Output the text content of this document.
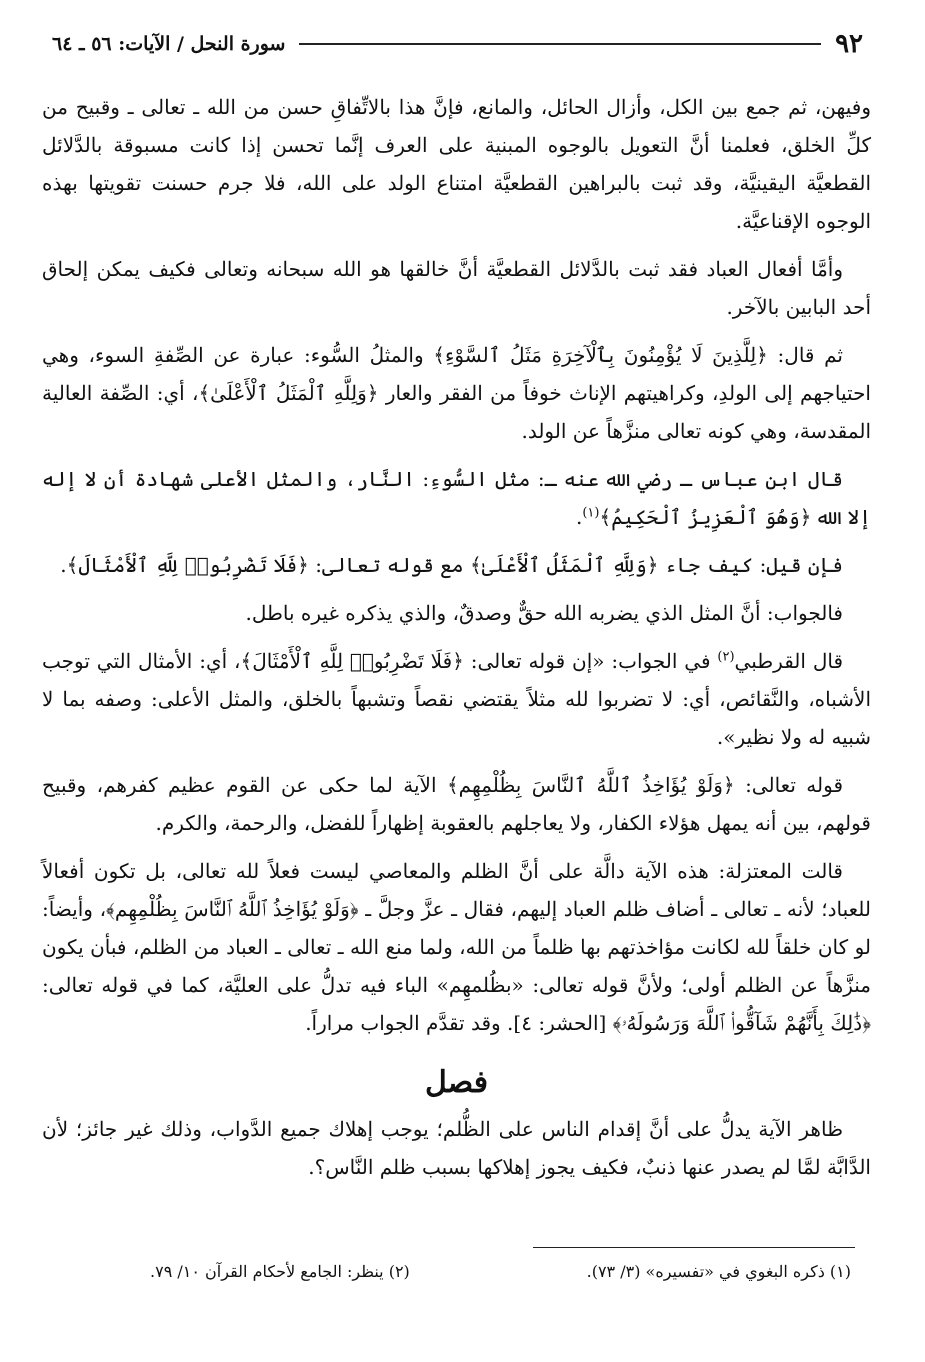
٩٢
سورة النحل / الآيات: ٥٦ ـ ٦٤

وفيهن، ثم جمع بين الكل، وأزال الحائل، والمانع، فإنَّ هذا بالاتِّفاقِ حسن من الله ـ تعالى ـ وقبيح من كلِّ الخلق، فعلمنا أنَّ التعويل بالوجوه المبنية على العرف إنَّما تحسن إذا كانت مسبوقة بالدَّلائل القطعيَّة اليقينيَّة، وقد ثبت بالبراهين القطعيَّة امتناع الولد على الله، فلا جرم حسنت تقويتها بهذه الوجوه الإقناعيَّة.

وأمَّا أفعال العباد فقد ثبت بالدَّلائل القطعيَّة أنَّ خالقها هو الله سبحانه وتعالى فكيف يمكن إلحاق أحد البابين بالآخر.

ثم قال: ﴿لِلَّذِينَ لَا يُؤْمِنُونَ بِٱلْآخِرَةِ مَثَلُ ٱلسَّوْءِ﴾ والمثلُ السُّوء: عبارة عن الصِّفةِ السوء، وهي احتياجهم إلى الولدِ، وكراهيتهم الإناث خوفاً من الفقر والعار ﴿وَلِلَّهِ ٱلْمَثَلُ ٱلْأَعْلَىٰ﴾، أي: الصِّفة العالية المقدسة، وهي كونه تعالى منزَّهاً عن الولد.

قال ابن عباس ـ رضي الله عنه ـ: مثل السُّوءِ: النَّار، والمثل الأعلى شهادة أن لا إله إلا الله ﴿وَهُوَ ٱلْعَزِيزُ ٱلْحَكِيمُ﴾$^{(١)}$.

فإن قيل: كيف جاء ﴿وَلِلَّهِ ٱلْمَثَلُ ٱلْأَعْلَىٰ﴾ مع قوله تعالى: ﴿فَلَا تَضْرِبُوا۟ لِلَّهِ ٱلْأَمْثَالَ﴾.

فالجواب: أنَّ المثل الذي يضربه الله حقٌّ وصدقٌ، والذي يذكره غيره باطل.

قال القرطبي$^{(٢)}$ في الجواب: «إن قوله تعالى: ﴿فَلَا تَضْرِبُوا۟ لِلَّهِ ٱلْأَمْثَالَ﴾، أي: الأمثال التي توجب الأشباه، والنَّقائص، أي: لا تضربوا لله مثلاً يقتضي نقصاً وتشبهاً بالخلق، والمثل الأعلى: وصفه بما لا شبيه له ولا نظير».

قوله تعالى: ﴿وَلَوْ يُؤَاخِذُ ٱللَّهُ ٱلنَّاسَ بِظُلْمِهِم﴾ الآية لما حكى عن القوم عظيم كفرهم، وقبيح قولهم، بين أنه يمهل هؤلاء الكفار، ولا يعاجلهم بالعقوبة إظهاراً للفضل، والرحمة، والكرم.

قالت المعتزلة: هذه الآية دالَّة على أنَّ الظلم والمعاصي ليست فعلاً لله تعالى، بل تكون أفعالاً للعباد؛ لأنه ـ تعالى ـ أضاف ظلم العباد إليهم، فقال ـ عزَّ وجلَّ ـ ﴿وَلَوْ يُؤَاخِذُ ٱللَّهُ ٱلنَّاسَ بِظُلْمِهِم﴾، وأيضاً: لو كان خلقاً لله لكانت مؤاخذتهم بها ظلماً من الله، ولما منع الله ـ تعالى ـ العباد من الظلم، فبأن يكون منزَّهاً عن الظلم أولى؛ ولأنَّ قوله تعالى: «بظُلمهِم» الباء فيه تدلُّ على العليَّة، كما في قوله تعالى: ﴿ذَٰلِكَ بِأَنَّهُمْ شَآقُّوا۟ ٱللَّهَ وَرَسُولَهُۥ﴾ [الحشر: ٤]. وقد تقدَّم الجواب مراراً.

فصل

ظاهر الآية يدلُّ على أنَّ إقدام الناس على الظُّلم؛ يوجب إهلاك جميع الدَّواب، وذلك غير جائز؛ لأن الدَّابَّة لمَّا لم يصدر عنها ذنبٌ، فكيف يجوز إهلاكها بسبب ظلم النَّاس؟.

(١) ذكره البغوي في «تفسيره» (٣/ ٧٣).
(٢) ينظر: الجامع لأحكام القرآن ١٠/ ٧٩.
